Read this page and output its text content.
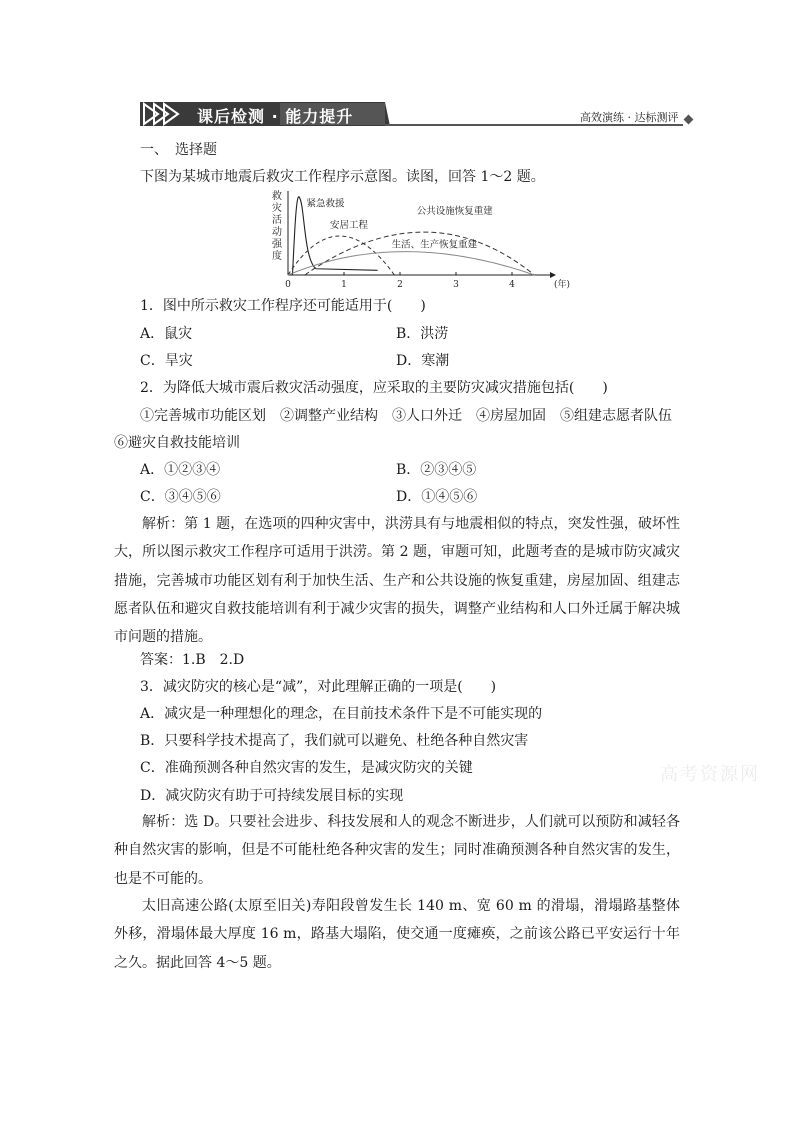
课后检测 · 能力提升	高效演练 · 达标测评
一、　选择题
下图为某城市地震后救灾工作程序示意图。读图，回答 1～2 题。
0	1	2	3	4	(年)
救
灾
活
动
强
度
紧急救援
安居工程
公共设施恢复重建
生活、生产恢复重建
1．图中所示救灾工作程序还可能适用于(　　)
A．鼠灾	B．洪涝
C．旱灾	D．寒潮
2．为降低大城市震后救灾活动强度，应采取的主要防灾减灾措施包括(　　)
①完善城市功能区划　②调整产业结构　③人口外迁　④房屋加固　⑤组建志愿者队伍
⑥避灾自救技能培训
A．①②③④	B．②③④⑤
C．③④⑤⑥	D．①④⑤⑥
解析：第 1 题，在选项的四种灾害中，洪涝具有与地震相似的特点，突发性强，破坏性大，所以图示救灾工作程序可适用于洪涝。第 2 题，审题可知，此题考查的是城市防灾减灾措施，完善城市功能区划有利于加快生活、生产和公共设施的恢复重建，房屋加固、组建志愿者队伍和避灾自救技能培训有利于减少灾害的损失，调整产业结构和人口外迁属于解决城市问题的措施。
答案：1.B　2.D
3．减灾防灾的核心是“减”，对此理解正确的一项是(　　)
A．减灾是一种理想化的理念，在目前技术条件下是不可能实现的
B．只要科学技术提高了，我们就可以避免、杜绝各种自然灾害
C．准确预测各种自然灾害的发生，是减灾防灾的关键
D．减灾防灾有助于可持续发展目标的实现
解析：选 D。只要社会进步、科技发展和人的观念不断进步，人们就可以预防和减轻各种自然灾害的影响，但是不可能杜绝各种灾害的发生；同时准确预测各种自然灾害的发生，也是不可能的。
太旧高速公路(太原至旧关)寿阳段曾发生长 140 m、宽 60 m 的滑塌，滑塌路基整体外移，滑塌体最大厚度 16 m，路基大塌陷，使交通一度瘫痪，之前该公路已平安运行十年之久。据此回答 4～5 题。
高考资源网
